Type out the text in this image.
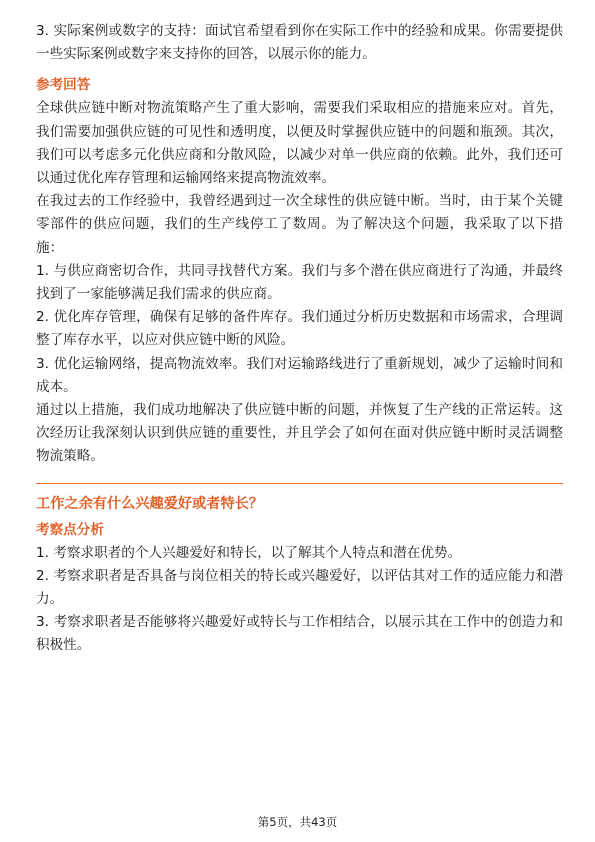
3. 实际案例或数字的支持：面试官希望看到你在实际工作中的经验和成果。你需要提供一些实际案例或数字来支持你的回答，以展示你的能力。

参考回答

全球供应链中断对物流策略产生了重大影响，需要我们采取相应的措施来应对。首先，我们需要加强供应链的可见性和透明度，以便及时掌握供应链中的问题和瓶颈。其次，我们可以考虑多元化供应商和分散风险，以减少对单一供应商的依赖。此外，我们还可以通过优化库存管理和运输网络来提高物流效率。

在我过去的工作经验中，我曾经遇到过一次全球性的供应链中断。当时，由于某个关键零部件的供应问题，我们的生产线停工了数周。为了解决这个问题，我采取了以下措施：

1. 与供应商密切合作，共同寻找替代方案。我们与多个潜在供应商进行了沟通，并最终找到了一家能够满足我们需求的供应商。

2. 优化库存管理，确保有足够的备件库存。我们通过分析历史数据和市场需求，合理调整了库存水平，以应对供应链中断的风险。

3. 优化运输网络，提高物流效率。我们对运输路线进行了重新规划，减少了运输时间和成本。

通过以上措施，我们成功地解决了供应链中断的问题，并恢复了生产线的正常运转。这次经历让我深刻认识到供应链的重要性，并且学会了如何在面对供应链中断时灵活调整物流策略。

工作之余有什么兴趣爱好或者特长？

考察点分析

1. 考察求职者的个人兴趣爱好和特长，以了解其个人特点和潜在优势。

2. 考察求职者是否具备与岗位相关的特长或兴趣爱好，以评估其对工作的适应能力和潜力。

3. 考察求职者是否能够将兴趣爱好或特长与工作相结合，以展示其在工作中的创造力和积极性。

第5页，共43页
